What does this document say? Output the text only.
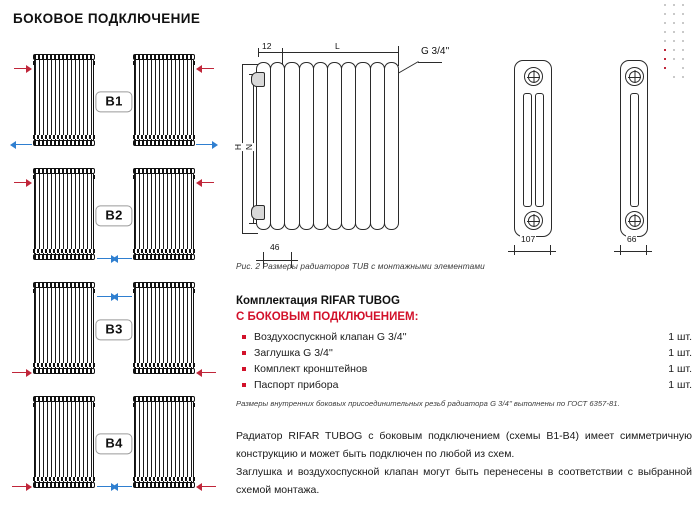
БОКОВОЕ ПОДКЛЮЧЕНИЕ
В1
В2
В3
В4
12	L	G 3/4''
H N
46
107	66
Рис. 2 Размеры радиаторов TUB с монтажными элементами
Комплектация RIFAR TUBOG
С БОКОВЫМ ПОДКЛЮЧЕНИЕМ:
Воздухоспускной клапан G 3/4''	1 шт.
Заглушка G 3/4''	1 шт.
Комплект кронштейнов	1 шт.
Паспорт прибора	1 шт.
Размеры внутренних боковых присоединительных резьб радиатора G 3/4’’ выполнены по ГОСТ 6357-81.
Радиатор RIFAR TUBOG с боковым подключением (схемы В1-В4) имеет симметричную конструкцию и может быть подключен по любой из схем.
Заглушка и воздухоспускной клапан могут быть перенесены в соответствии с выбранной схемой монтажа.
